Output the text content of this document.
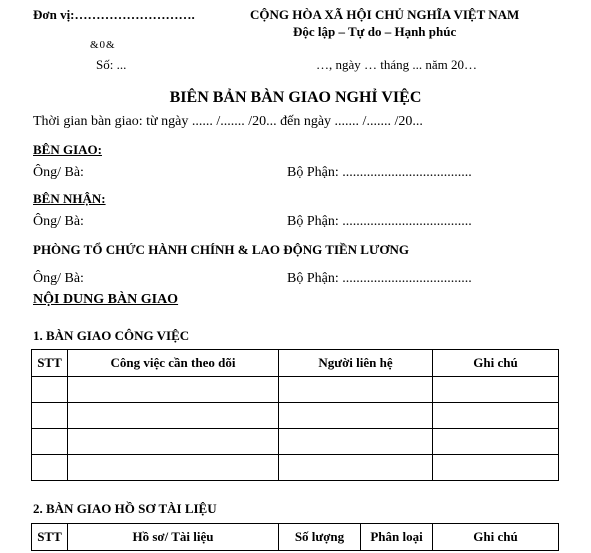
Đơn vị:……………………….	CỘNG HÒA XÃ HỘI CHỦ NGHĨA VIỆT NAM
Độc lập – Tự do – Hạnh phúc
&0&
Số: ...	…, ngày … tháng ... năm 20…
BIÊN BẢN BÀN GIAO NGHỈ VIỆC
Thời gian bàn giao: từ ngày ...... /....... /20... đến ngày ....... /....... /20...
BÊN GIAO:
Ông/ Bà:	Bộ Phận: .....................................
BÊN NHẬN:
Ông/ Bà:	Bộ Phận: .....................................
PHÒNG TỔ CHỨC HÀNH CHÍNH & LAO ĐỘNG TIỀN LƯƠNG
Ông/ Bà:	Bộ Phận: .....................................
NỘI DUNG BÀN GIAO
1. BÀN GIAO CÔNG VIỆC
STT	Công việc cần theo dõi	Người liên hệ	Ghi chú

2. BÀN GIAO HỒ SƠ TÀI LIỆU
STT	Hồ sơ/ Tài liệu	Số lượng	Phân loại	Ghi chú
